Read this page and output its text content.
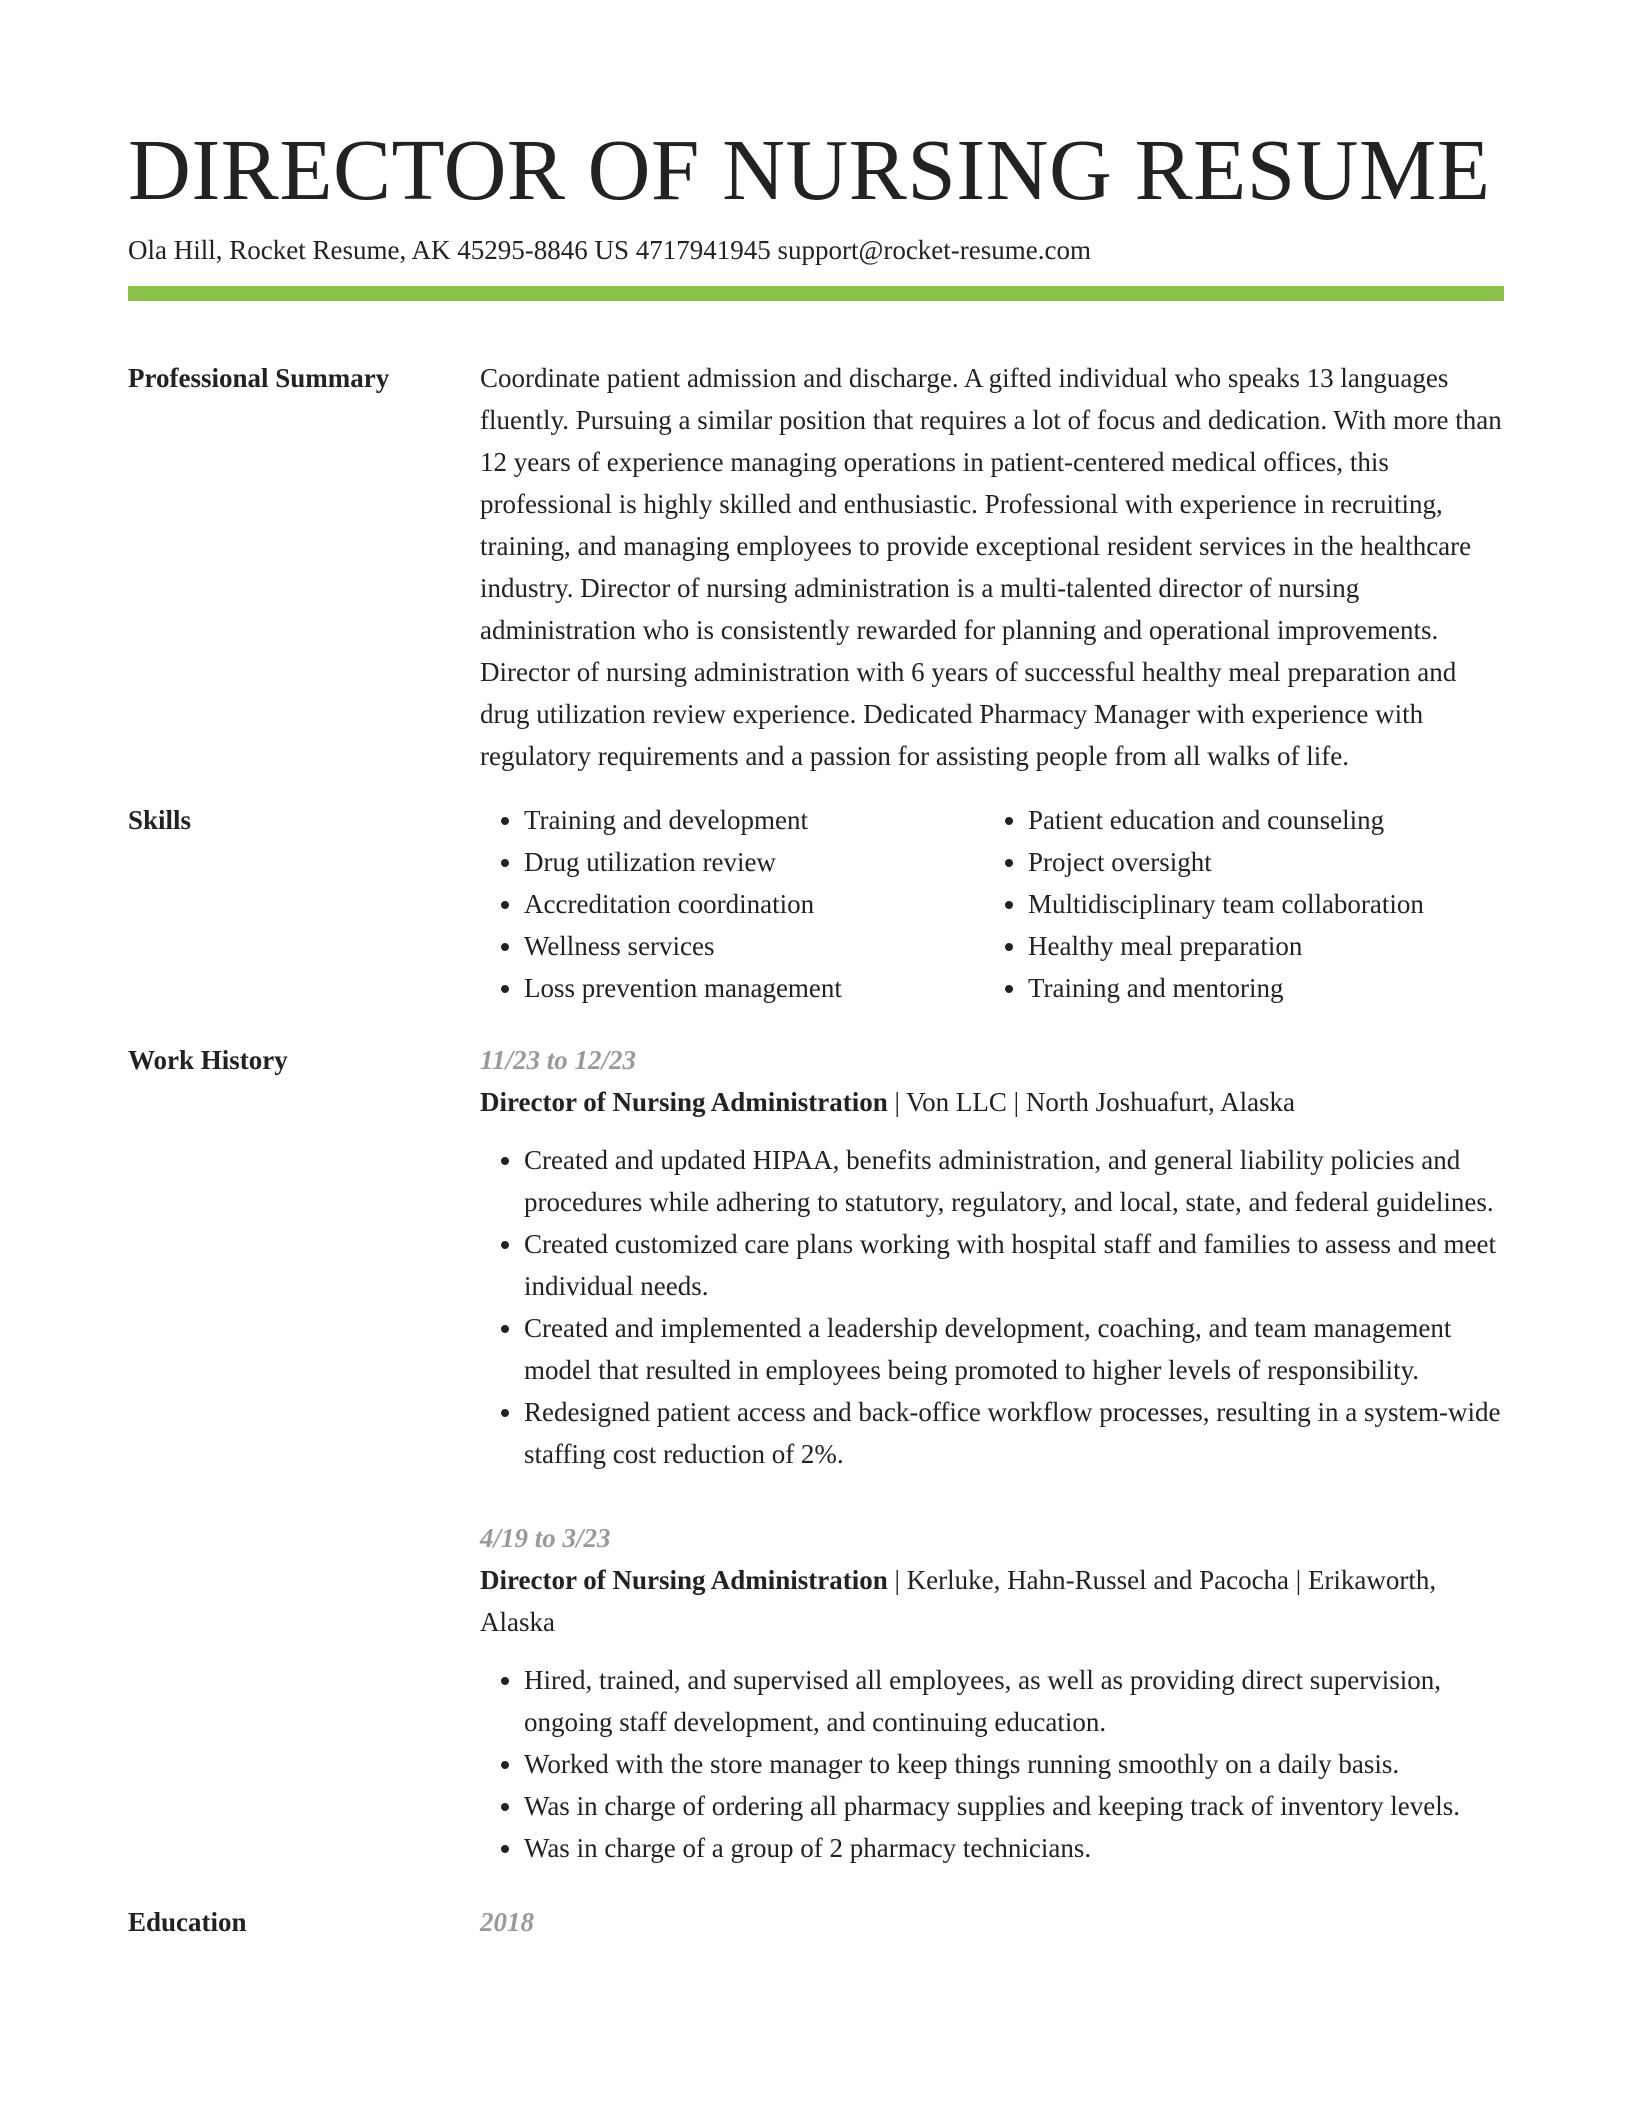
DIRECTOR OF NURSING RESUME
Ola Hill, Rocket Resume, AK 45295-8846 US 4717941945 support@rocket-resume.com
Professional Summary	Coordinate patient admission and discharge. A gifted individual who speaks 13 languages fluently. Pursuing a similar position that requires a lot of focus and dedication. With more than 12 years of experience managing operations in patient-centered medical offices, this professional is highly skilled and enthusiastic. Professional with experience in recruiting, training, and managing employees to provide exceptional resident services in the healthcare industry. Director of nursing administration is a multi-talented director of nursing administration who is consistently rewarded for planning and operational improvements. Director of nursing administration with 6 years of successful healthy meal preparation and drug utilization review experience. Dedicated Pharmacy Manager with experience with regulatory requirements and a passion for assisting people from all walks of life.

Skills
•	Training and development
• Drug utilization review
• Accreditation coordination
• Wellness services
• Loss prevention management
• Patient education and counseling
• Project oversight
• Multidisciplinary team collaboration
• Healthy meal preparation
• Training and mentoring
Work History	11/23 to 12/23
Director of Nursing Administration | Von LLC | North Joshuafurt, Alaska
• Created and updated HIPAA, benefits administration, and general liability policies and procedures while adhering to statutory, regulatory, and local, state, and federal guidelines.
• Created customized care plans working with hospital staff and families to assess and meet individual needs.
• Created and implemented a leadership development, coaching, and team management model that resulted in employees being promoted to higher levels of responsibility.
• Redesigned patient access and back-office workflow processes, resulting in a system-wide staffing cost reduction of 2%.
4/19 to 3/23
Director of Nursing Administration | Kerluke, Hahn-Russel and Pacocha | Erikaworth, Alaska
• Hired, trained, and supervised all employees, as well as providing direct supervision, ongoing staff development, and continuing education.
• Worked with the store manager to keep things running smoothly on a daily basis.
• Was in charge of ordering all pharmacy supplies and keeping track of inventory levels.
• Was in charge of a group of 2 pharmacy technicians.
Education	2018
